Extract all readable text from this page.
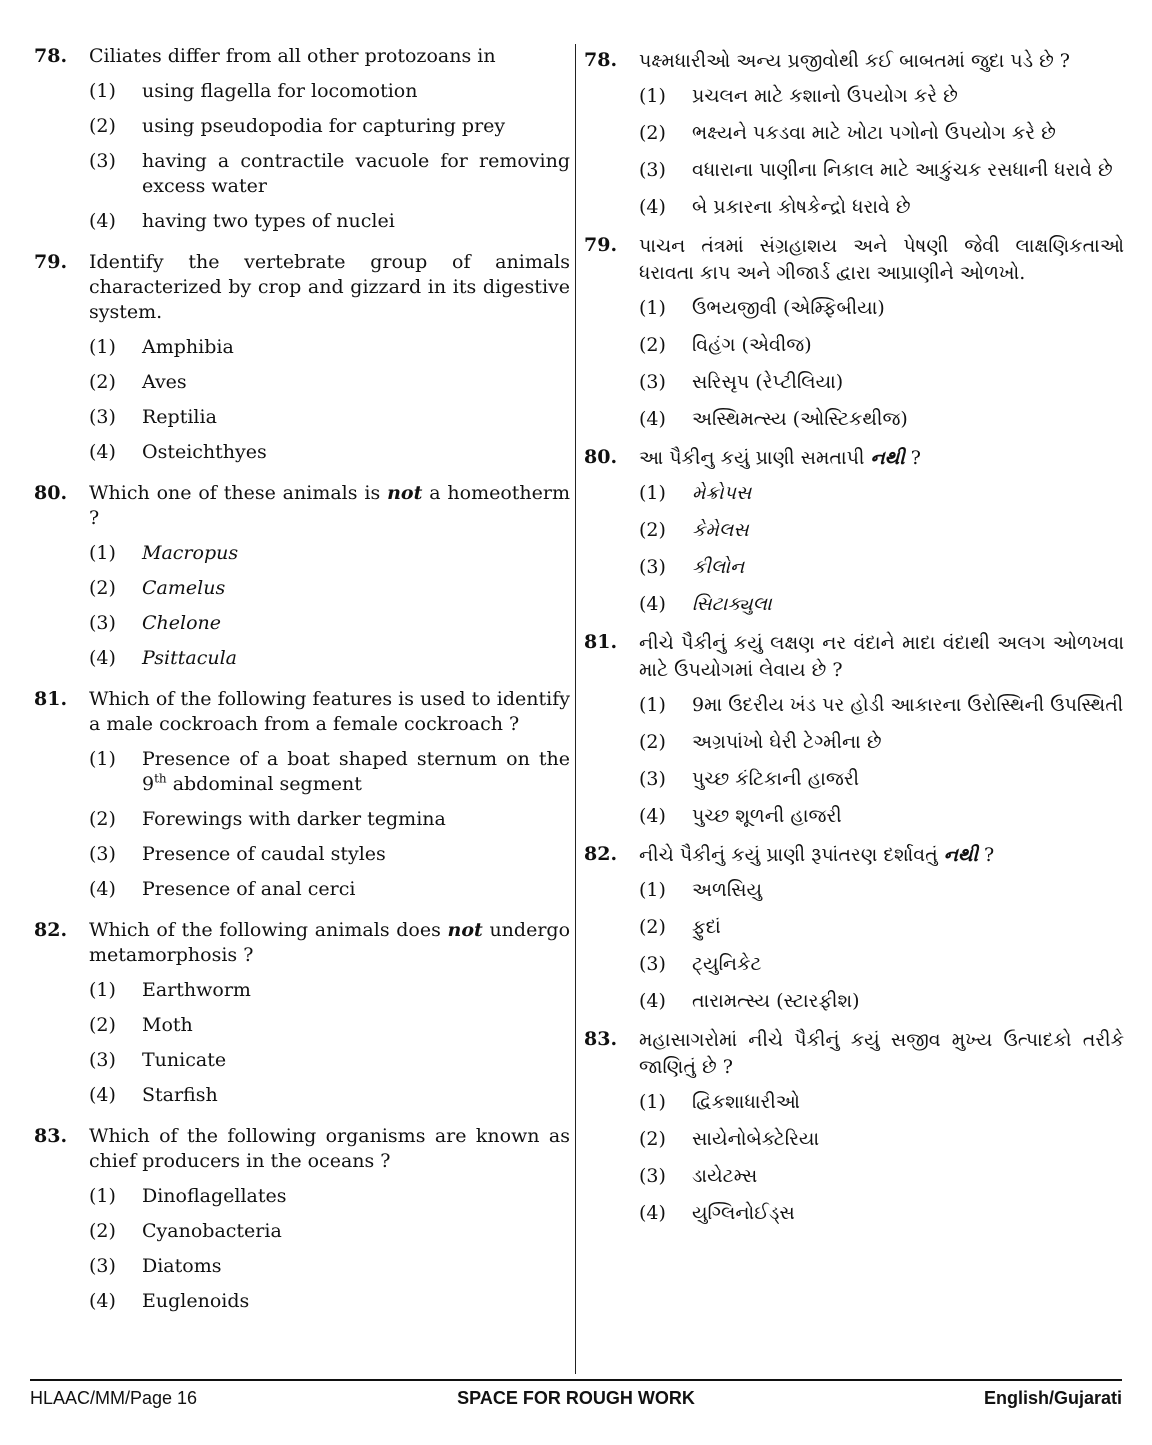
78.	Ciliates differ from all other protozoans in
(1)	using flagella for locomotion
(2)	using pseudopodia for capturing prey
(3)	having a contractile vacuole for removing excess water
(4)	having two types of nuclei
79.	Identify the vertebrate group of animals characterized by crop and gizzard in its digestive system.
(1)	Amphibia
(2)	Aves
(3)	Reptilia
(4)	Osteichthyes
80.	Which one of these animals is not a homeotherm ?
(1)	Macropus
(2)	Camelus
(3)	Chelone
(4)	Psittacula
81.	Which of the following features is used to identify a male cockroach from a female cockroach ?
(1)	Presence of a boat shaped sternum on the 9th abdominal segment
(2)	Forewings with darker tegmina
(3)	Presence of caudal styles
(4)	Presence of anal cerci
82.	Which of the following animals does not undergo metamorphosis ?
(1)	Earthworm
(2)	Moth
(3)	Tunicate
(4)	Starfish
83.	Which of the following organisms are known as chief producers in the oceans ?
(1)	Dinoflagellates
(2)	Cyanobacteria
(3)	Diatoms
(4)	Euglenoids
78.	પક્ષ્મધારીઓ અન્ય પ્રજીવોથી કઈ બાબતમાં જુદા પડે છે ?
(1)	પ્રચલન માટે કશાનો ઉપયોગ કરે છે
(2)	ભક્ષ્યને પકડવા માટે ખોટા પગોનો ઉપયોગ કરે છે
(3)	વધારાના પાણીના નિકાલ માટે આકુંચક રસધાની ધરાવે છે
(4)	બે પ્રકારના કોષકેન્દ્રો ધરાવે છે
79.	પાચન તંત્રમાં સંગ્રહાશય અને પેષણી જેવી લાક્ષણિકતાઓ ધરાવતા કાપ અને ગીજાર્ડ દ્વારા આપ્રાણીને ઓળખો.
(1)	ઉભયજીવી (એમ્ફિબીયા)
(2)	વિહંગ (એવીજ)
(3)	સરિસૃપ (રેપ્ટીલિયા)
(4)	અસ્થિમત્સ્ય (ઓસ્ટિકથીજ)
80.	આ પૈકીનુ કયું પ્રાણી સમતાપી નથી ?
(1)	મેક્રોપસ
(2)	કેમેલસ
(3)	કીલોન
(4)	સિટાક્યુલા
81.	નીચે પૈકીનું કયું લક્ષણ નર વંદાને માદા વંદાથી અલગ ઓળખવા માટે ઉપયોગમાં લેવાય છે ?
(1)	9મા ઉદરીય ખંડ પર હોડી આકારના ઉરોસ્થિની ઉપસ્થિતી
(2)	અગ્રપાંખો ઘેરી ટેગ્મીના છે
(3)	પુચ્છ કંટિકાની હાજરી
(4)	પુચ્છ શૂળની હાજરી
82.	નીચે પૈકીનું કયું પ્રાણી રૂપાંતરણ દર્શાવતું નથી ?
(1)	અળસિયુ
(2)	ફુદાં
(3)	ટ્યુનિકેટ
(4)	તારામત્સ્ય (સ્ટારફીશ)
83.	મહાસાગરોમાં નીચે પૈકીનું કયું સજીવ મુખ્ય ઉત્પાદકો તરીકે જાણિતું છે ?
(1)	દ્વિકશાધારીઓ
(2)	સાયેનોબેક્ટેરિયા
(3)	ડાયેટમ્સ
(4)	યુગ્લિનોઈડ્સ
HLAAC/MM/Page 16	SPACE FOR ROUGH WORK	English/Gujarati
